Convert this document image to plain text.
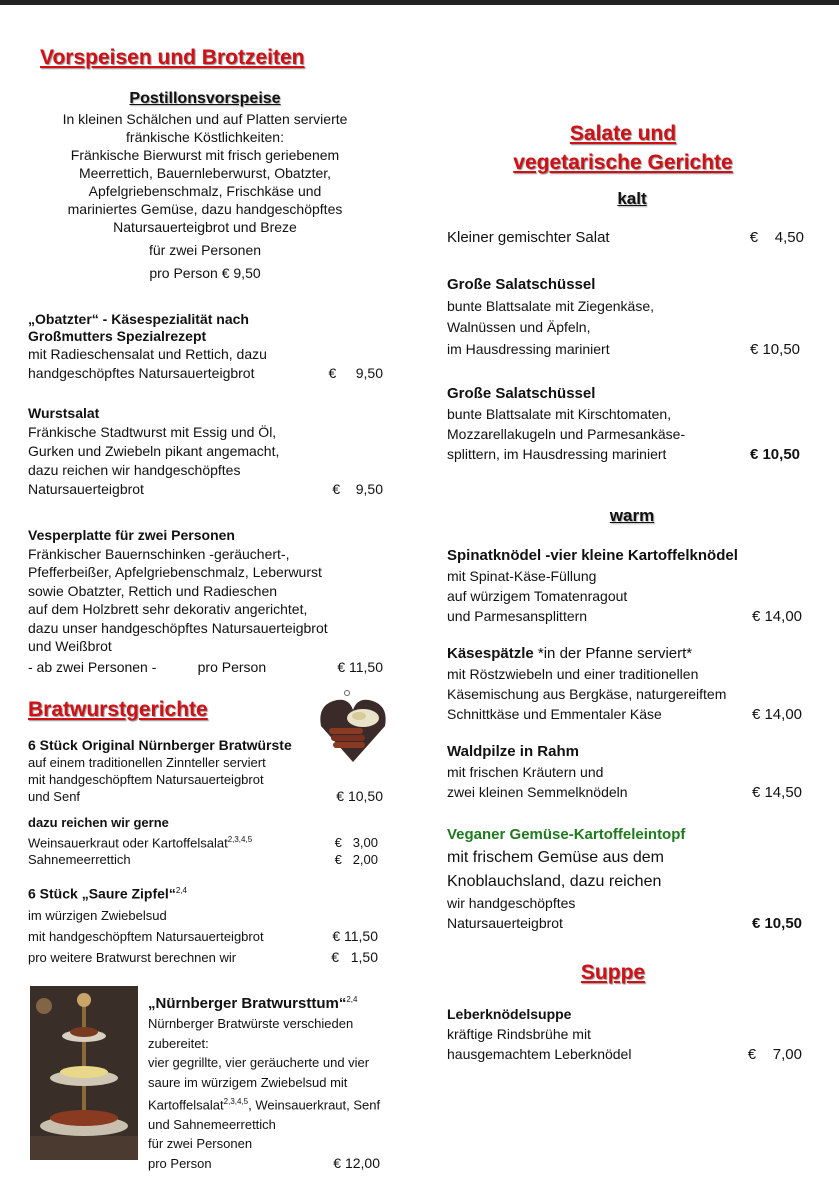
Vorspeisen und Brotzeiten
Postillonsvorspeise
In kleinen Schälchen und auf Platten servierte
fränkische Köstlichkeiten:
Fränkische Bierwurst mit frisch geriebenem
Meerrettich, Bauernleberwurst, Obatzter,
Apfelgriebenschmalz, Frischkäse und
mariniertes Gemüse, dazu handgeschöpftes
Natursauerteigbrot und Breze
für zwei Personen
pro Person € 9,50
„Obatzter“ - Käsespezialität nach
Großmutters Spezialrezept
mit Radieschensalat und Rettich, dazu
handgeschöpftes Natursauerteigbrot	€     9,50
Wurstsalat
Fränkische Stadtwurst mit Essig und Öl,
Gurken und Zwiebeln pikant angemacht,
dazu reichen wir handgeschöpftes
Natursauerteigbrot	€    9,50
Vesperplatte für zwei Personen
Fränkischer Bauernschinken -geräuchert-,
Pfefferbeißer, Apfelgriebenschmalz, Leberwurst
sowie Obatzter, Rettich und Radieschen
auf dem Holzbrett sehr dekorativ angerichtet,
dazu unser handgeschöpftes Natursauerteigbrot
und Weißbrot
- ab zwei Personen -	pro Person	€ 11,50
Bratwurstgerichte
6 Stück Original Nürnberger Bratwürste
auf einem traditionellen Zinnteller serviert
mit handgeschöpftem Natursauerteigbrot
und Senf	€ 10,50
dazu reichen wir gerne
Weinsauerkraut oder Kartoffelsalat$^{2,3,4,5}$	€   3,00
Sahnemeerrettich	€   2,00
6 Stück „Saure Zipfel“$^{2,4}$
im würzigen Zwiebelsud
mit handgeschöpftem Natursauerteigbrot	€ 11,50
pro weitere Bratwurst berechnen wir	€   1,50
„Nürnberger Bratwursttum“$^{2,4}$
Nürnberger Bratwürste verschieden
zubereitet:
vier gegrillte, vier geräucherte und vier
saure im würzigem Zwiebelsud mit
Kartoffelsalat$^{2,3,4,5}$, Weinsauerkraut, Senf
und Sahnemeerrettich
für zwei Personen
pro Person	€ 12,00
Salate und
vegetarische Gerichte
kalt
Kleiner gemischter Salat	€    4,50
Große Salatschüssel
bunte Blattsalate mit Ziegenkäse,
Walnüssen und Äpfeln,
im Hausdressing mariniert	€ 10,50
Große Salatschüssel
bunte Blattsalate mit Kirschtomaten,
Mozzarellakugeln und Parmesankäse-
splittern, im Hausdressing mariniert	€ 10,50
warm
Spinatknödel -vier kleine Kartoffelknödel
mit Spinat-Käse-Füllung
auf würzigem Tomatenragout
und Parmesansplittern	€ 14,00
Käsespätzle *in der Pfanne serviert*
mit Röstzwiebeln und einer traditionellen
Käsemischung aus Bergkäse, naturgereiftem
Schnittkäse und Emmentaler Käse	€ 14,00
Waldpilze in Rahm
mit frischen Kräutern und
zwei kleinen Semmelknödeln	€ 14,50
Veganer Gemüse-Kartoffeleintopf
mit frischem Gemüse aus dem
Knoblauchsland, dazu reichen
wir handgeschöpftes
Natursauerteigbrot	€ 10,50
Suppe
Leberknödelsuppe
kräftige Rindsbrühe mit
hausgemachtem Leberknödel	€    7,00
